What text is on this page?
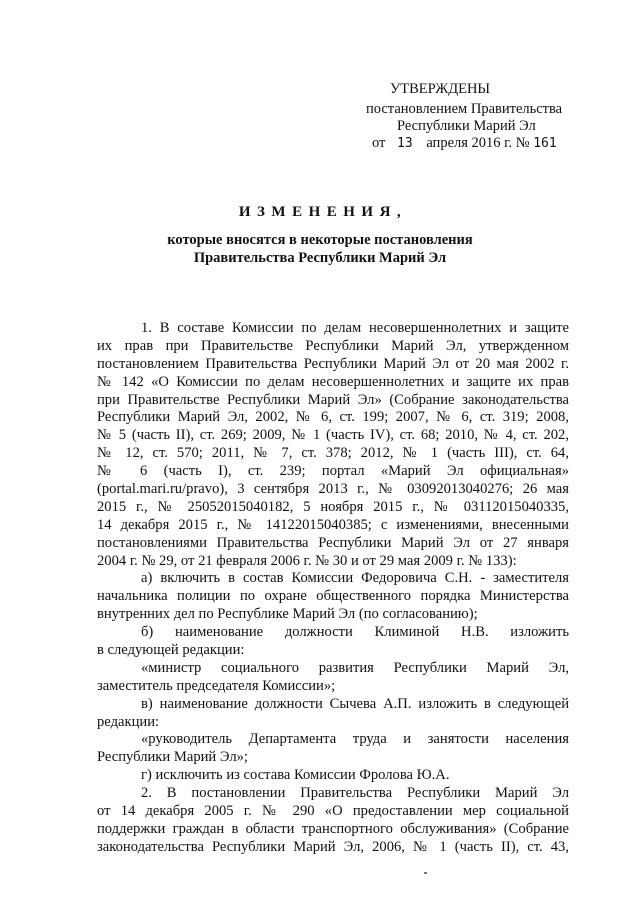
УТВЕРЖДЕНЫ
постановлением Правительства
Республики Марий Эл
от 13 апреля 2016 г. № 161
ИЗМЕНЕНИЯ,
которые вносятся в некоторые постановления
Правительства Республики Марий Эл
1. В составе Комиссии по делам несовершеннолетних и защите
их прав при Правительстве Республики Марий Эл, утвержденном
постановлением Правительства Республики Марий Эл от 20 мая 2002 г.
№ 142 «О Комиссии по делам несовершеннолетних и защите их прав
при Правительстве Республики Марий Эл» (Собрание законодательства
Республики Марий Эл, 2002, № 6, ст. 199; 2007, № 6, ст. 319; 2008,
№ 5 (часть II), ст. 269; 2009, № 1 (часть IV), ст. 68; 2010, № 4, ст. 202,
№ 12, ст. 570; 2011, № 7, ст. 378; 2012, № 1 (часть III), ст. 64,
№ 6 (часть I), ст. 239; портал «Марий Эл официальная»
(portal.mari.ru/pravo), 3 сентября 2013 г., № 03092013040276; 26 мая
2015 г., № 25052015040182, 5 ноября 2015 г., № 03112015040335,
14 декабря 2015 г., № 14122015040385; с изменениями, внесенными
постановлениями Правительства Республики Марий Эл от 27 января
2004 г. № 29, от 21 февраля 2006 г. № 30 и от 29 мая 2009 г. № 133):
а) включить в состав Комиссии Федоровича С.Н. - заместителя
начальника полиции по охране общественного порядка Министерства
внутренних дел по Республике Марий Эл (по согласованию);
б) наименование должности Климиной Н.В. изложить
в следующей редакции:
«министр социального развития Республики Марий Эл,
заместитель председателя Комиссии»;
в) наименование должности Сычева А.П. изложить в следующей
редакции:
«руководитель Департамента труда и занятости населения
Республики Марий Эл»;
г) исключить из состава Комиссии Фролова Ю.А.
2. В постановлении Правительства Республики Марий Эл
от 14 декабря 2005 г. № 290 «О предоставлении мер социальной
поддержки граждан в области транспортного обслуживания» (Собрание
законодательства Республики Марий Эл, 2006, № 1 (часть II), ст. 43,
